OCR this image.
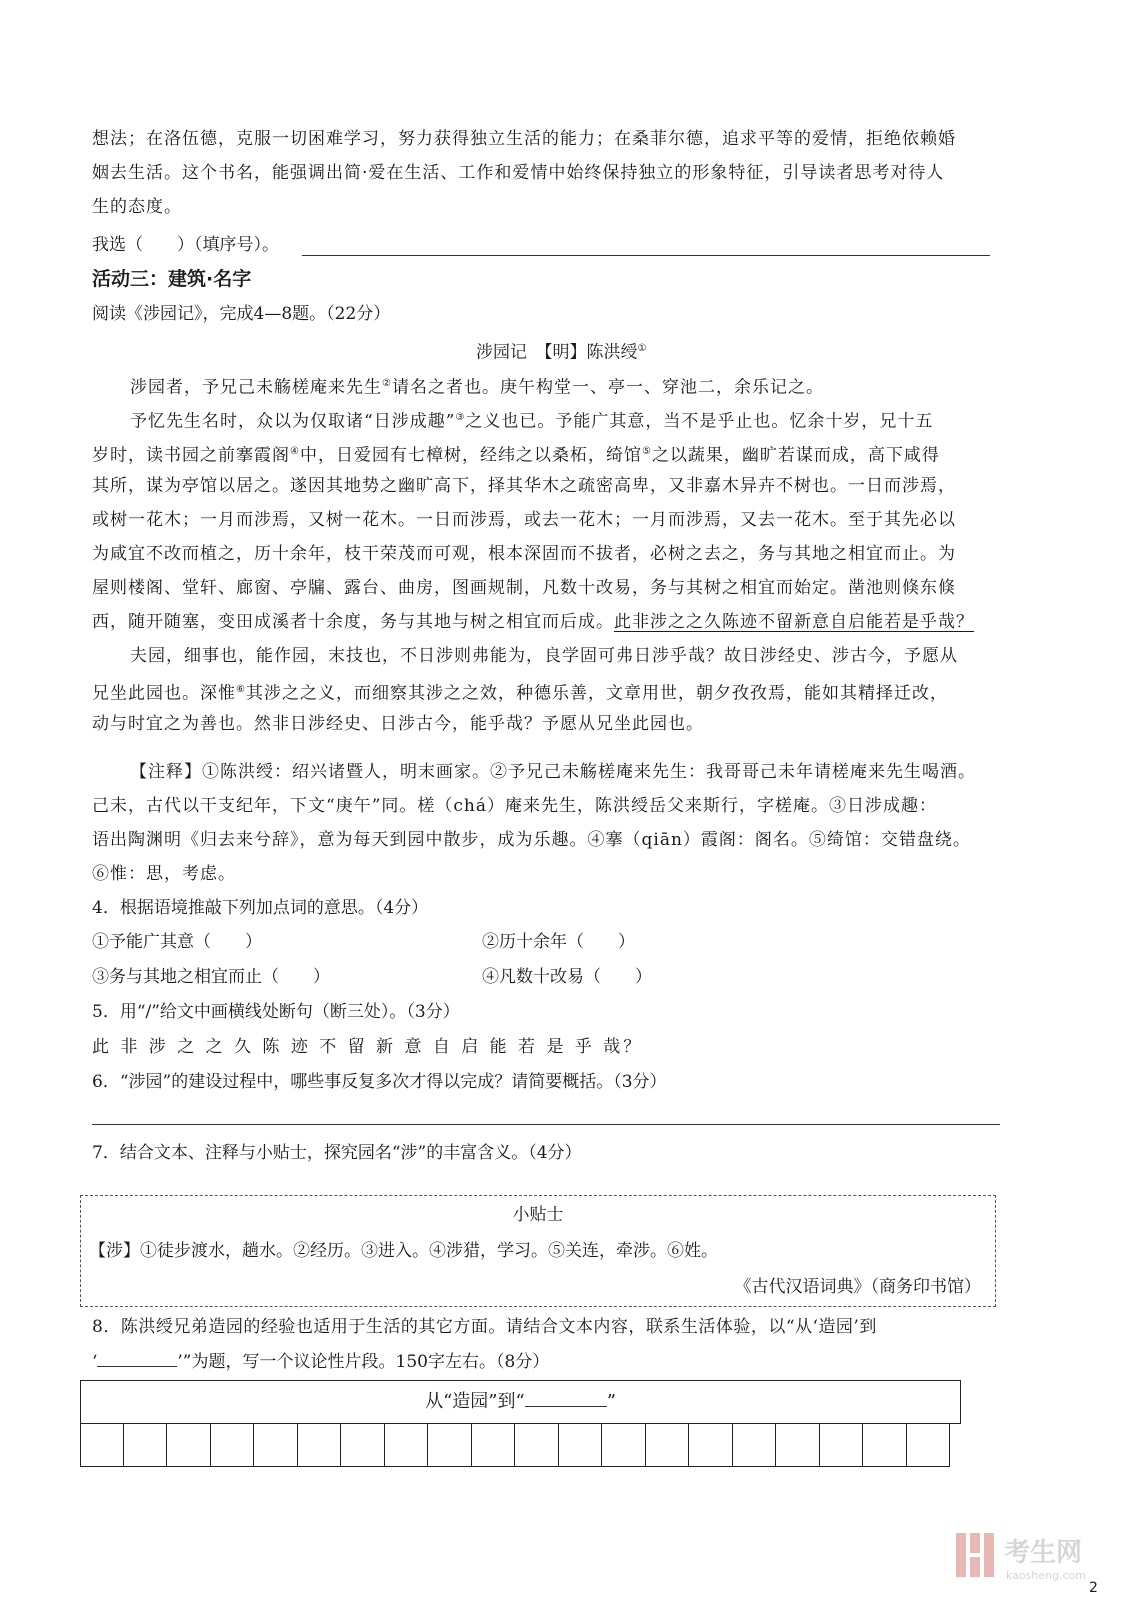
想法；在洛伍德，克服一切困难学习，努力获得独立生活的能力；在桑菲尔德，追求平等的爱情，拒绝依赖婚
姻去生活。这个书名，能强调出简·爱在生活、工作和爱情中始终保持独立的形象特征，引导读者思考对待人
生的态度。
我选（　　）（填序号）。
活动三：建筑·名字
阅读《涉园记》，完成4—8题。（22分）
涉园记　【明】陈洪绶①
涉园者，予兄己未觞槎庵来先生②请名之者也。庚午构堂一、亭一、穿池二，余乐记之。
予忆先生名时，众以为仅取诸“日涉成趣”③之义也已。予能广其意，当不是乎止也。忆余十岁，兄十五
岁时，读书园之前搴霞阁④中，日爱园有七樟树，经纬之以桑柘，绮馆⑤之以蔬果，幽旷若谋而成，高下咸得
其所，谋为亭馆以居之。遂因其地势之幽旷高下，择其华木之疏密高卑，又非嘉木异卉不树也。一日而涉焉，
或树一花木；一月而涉焉，又树一花木。一日而涉焉，或去一花木；一月而涉焉，又去一花木。至于其先必以
为咸宜不改而植之，历十余年，枝干荣茂而可观，根本深固而不拔者，必树之去之，务与其地之相宜而止。为
屋则楼阁、堂轩、廊窗、亭牖、露台、曲房，图画规制，凡数十改易，务与其树之相宜而始定。凿池则倏东倏
西，随开随塞，变田成溪者十余度，务与其地与树之相宜而后成。此非涉之之久陈迹不留新意自启能若是乎哉？
夫园，细事也，能作园，末技也，不日涉则弗能为，良学固可弗日涉乎哉？故日涉经史、涉古今，予愿从
兄坐此园也。深惟⑥其涉之之义，而细察其涉之之效，种德乐善，文章用世，朝夕孜孜焉，能如其精择迁改，
动与时宜之为善也。然非日涉经史、日涉古今，能乎哉？予愿从兄坐此园也。
【注释】①陈洪绶：绍兴诸暨人，明末画家。②予兄己未觞槎庵来先生：我哥哥己未年请槎庵来先生喝酒。
己未，古代以干支纪年，下文“庚午”同。槎（chá）庵来先生，陈洪绶岳父来斯行，字槎庵。③日涉成趣：
语出陶渊明《归去来兮辞》，意为每天到园中散步，成为乐趣。④搴（qiān）霞阁：阁名。⑤绮馆：交错盘绕。
⑥惟：思，考虑。
4．根据语境推敲下列加点词的意思。（4分）
①予能广其意（　　）	②历十余年（　　）
③务与其地之相宜而止（　　）	④凡数十改易（　　）
5．用“/”给文中画横线处断句（断三处）。（3分）
此 非 涉 之 之 久 陈 迹 不 留 新 意 自 启 能 若 是 乎 哉？
6．“涉园”的建设过程中，哪些事反复多次才得以完成？请简要概括。（3分）
7．结合文本、注释与小贴士，探究园名“涉”的丰富含义。（4分）
小贴士
【涉】①徒步渡水，趟水。②经历。③进入。④涉猎，学习。⑤关连，牵涉。⑥姓。
《古代汉语词典》（商务印书馆）
8．陈洪绶兄弟造园的经验也适用于生活的其它方面。请结合文本内容，联系生活体验，以“从‘造园’到
‘	’”为题，写一个议论性片段。150字左右。（8分）
从“造园”到“	”
考生网
kaosheng.com
2
